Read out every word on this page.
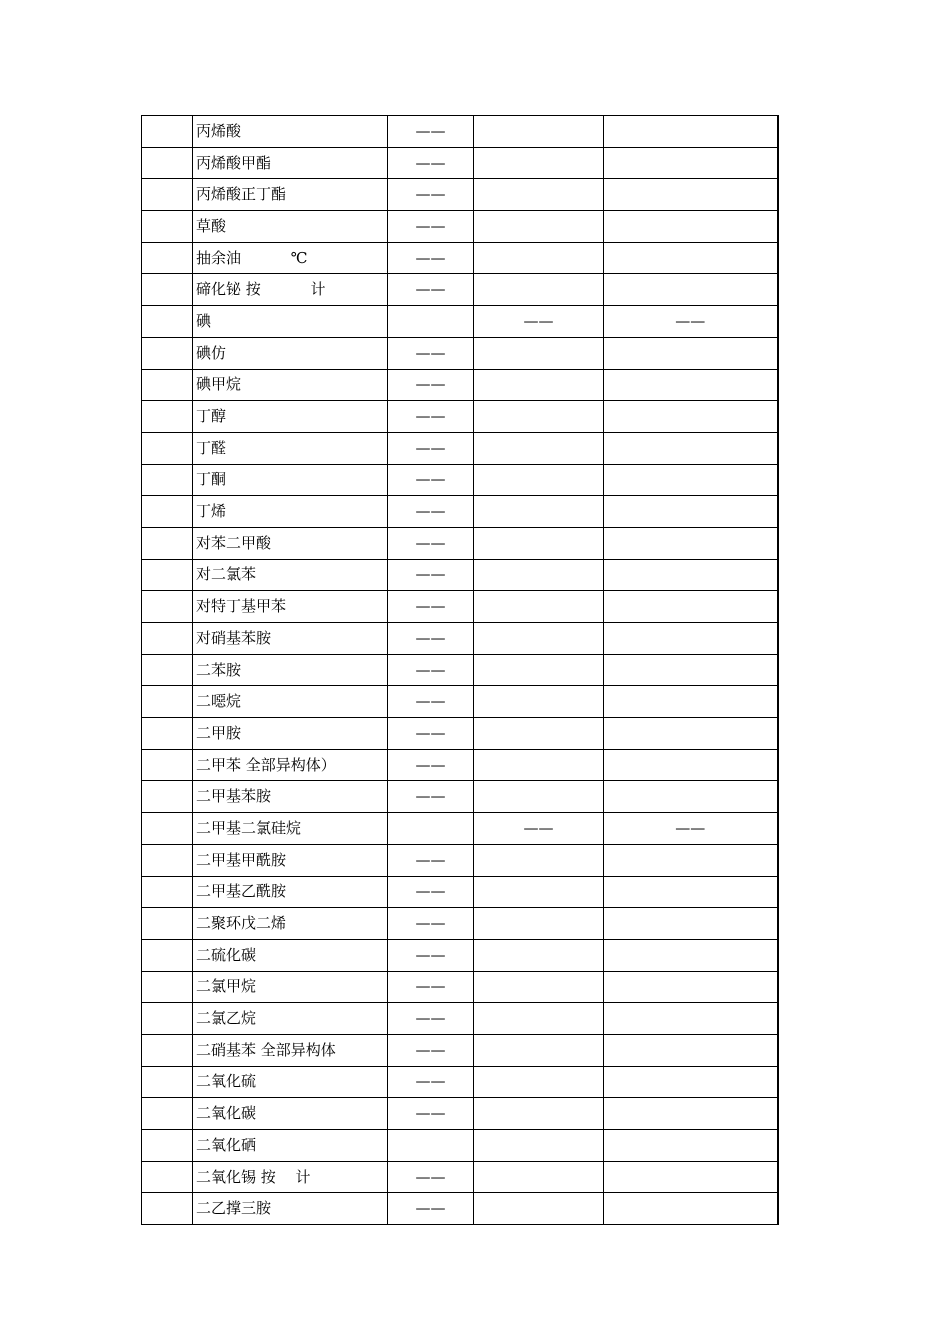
	丙烯酸	——		
	丙烯酸甲酯	——		
	丙烯酸正丁酯	——		
	草酸	——		
	抽余油 　　　℃	——		
	碲化铋 按 　　　计	——		
	碘		——	——
	碘仿	——		
	碘甲烷	——		
	丁醇	——		
	丁醛	——		
	丁酮	——		
	丁烯	——		
	对苯二甲酸	——		
	对二氯苯	——		
	对特丁基甲苯	——		
	对硝基苯胺	——		
	二苯胺	——		
	二噁烷	——		
	二甲胺	——		
	二甲苯 全部异构体）	——		
	二甲基苯胺	——		
	二甲基二氯硅烷		——	——
	二甲基甲酰胺	——		
	二甲基乙酰胺	——		
	二聚环戊二烯	——		
	二硫化碳	——		
	二氯甲烷	——		
	二氯乙烷	——		
	二硝基苯 全部异构体	——		
	二氧化硫	——		
	二氧化碳	——		
	二氧化硒			
	二氧化锡 按 　计	——		
	二乙撑三胺	——		
